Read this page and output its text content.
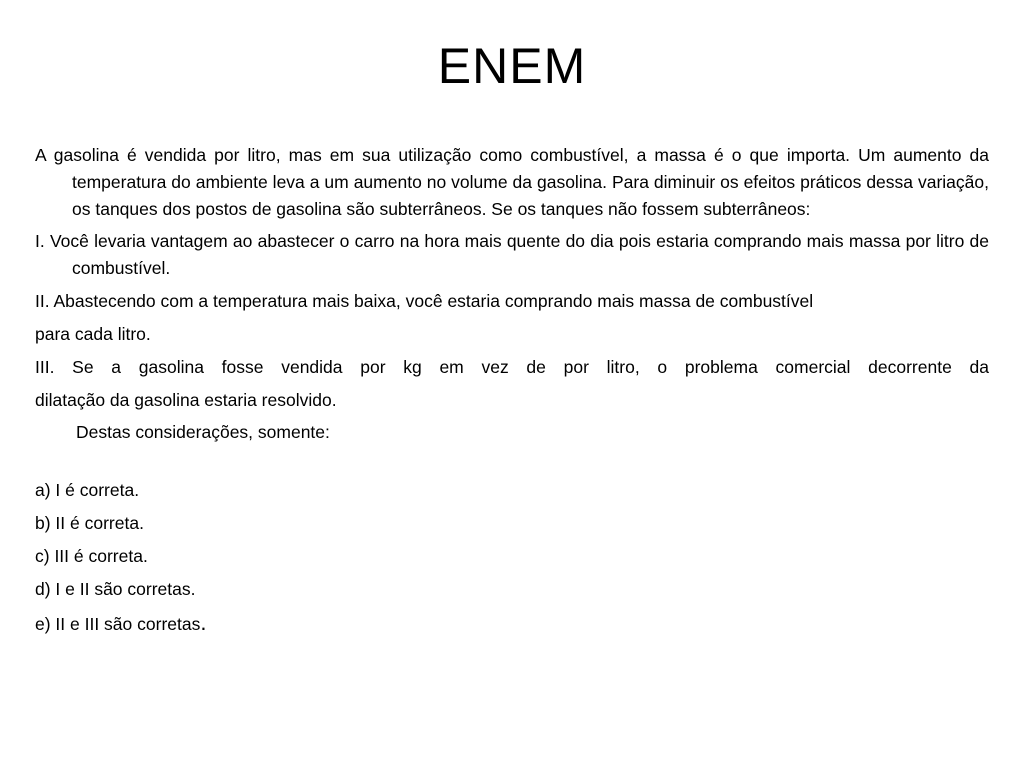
ENEM

A gasolina é vendida por litro, mas em sua utilização como combustível, a massa é o que importa. Um aumento da temperatura do ambiente leva a um aumento no volume da gasolina. Para diminuir os efeitos práticos dessa variação, os tanques dos postos de gasolina são subterrâneos. Se os tanques não fossem subterrâneos:

I. Você levaria vantagem ao abastecer o carro na hora mais quente do dia pois estaria comprando mais massa por litro de combustível.

II. Abastecendo com a temperatura mais baixa, você estaria comprando mais massa de combustível

para cada litro.

III. Se a gasolina fosse vendida por kg em vez de por litro, o problema comercial decorrente da

dilatação da gasolina estaria resolvido.

Destas considerações, somente:

a) I é correta.

b) II é correta.

c) III é correta.

d) I e II são corretas.

e) II e III são corretas.
